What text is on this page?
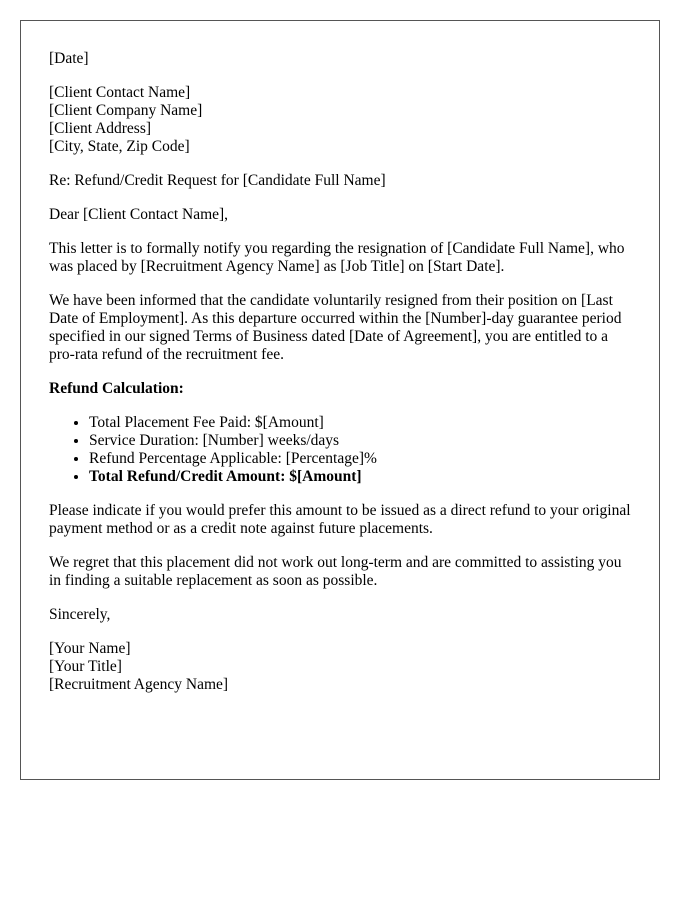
[Date]

[Client Contact Name]
[Client Company Name]
[Client Address]
[City, State, Zip Code]

Re: Refund/Credit Request for [Candidate Full Name]

Dear [Client Contact Name],

This letter is to formally notify you regarding the resignation of [Candidate Full Name], who was placed by [Recruitment Agency Name] as [Job Title] on [Start Date].

We have been informed that the candidate voluntarily resigned from their position on [Last Date of Employment]. As this departure occurred within the [Number]-day guarantee period specified in our signed Terms of Business dated [Date of Agreement], you are entitled to a pro-rata refund of the recruitment fee.

Refund Calculation:

• Total Placement Fee Paid: $[Amount]
• Service Duration: [Number] weeks/days
• Refund Percentage Applicable: [Percentage]%
• Total Refund/Credit Amount: $[Amount]

Please indicate if you would prefer this amount to be issued as a direct refund to your original payment method or as a credit note against future placements.

We regret that this placement did not work out long-term and are committed to assisting you in finding a suitable replacement as soon as possible.

Sincerely,

[Your Name]
[Your Title]
[Recruitment Agency Name]
